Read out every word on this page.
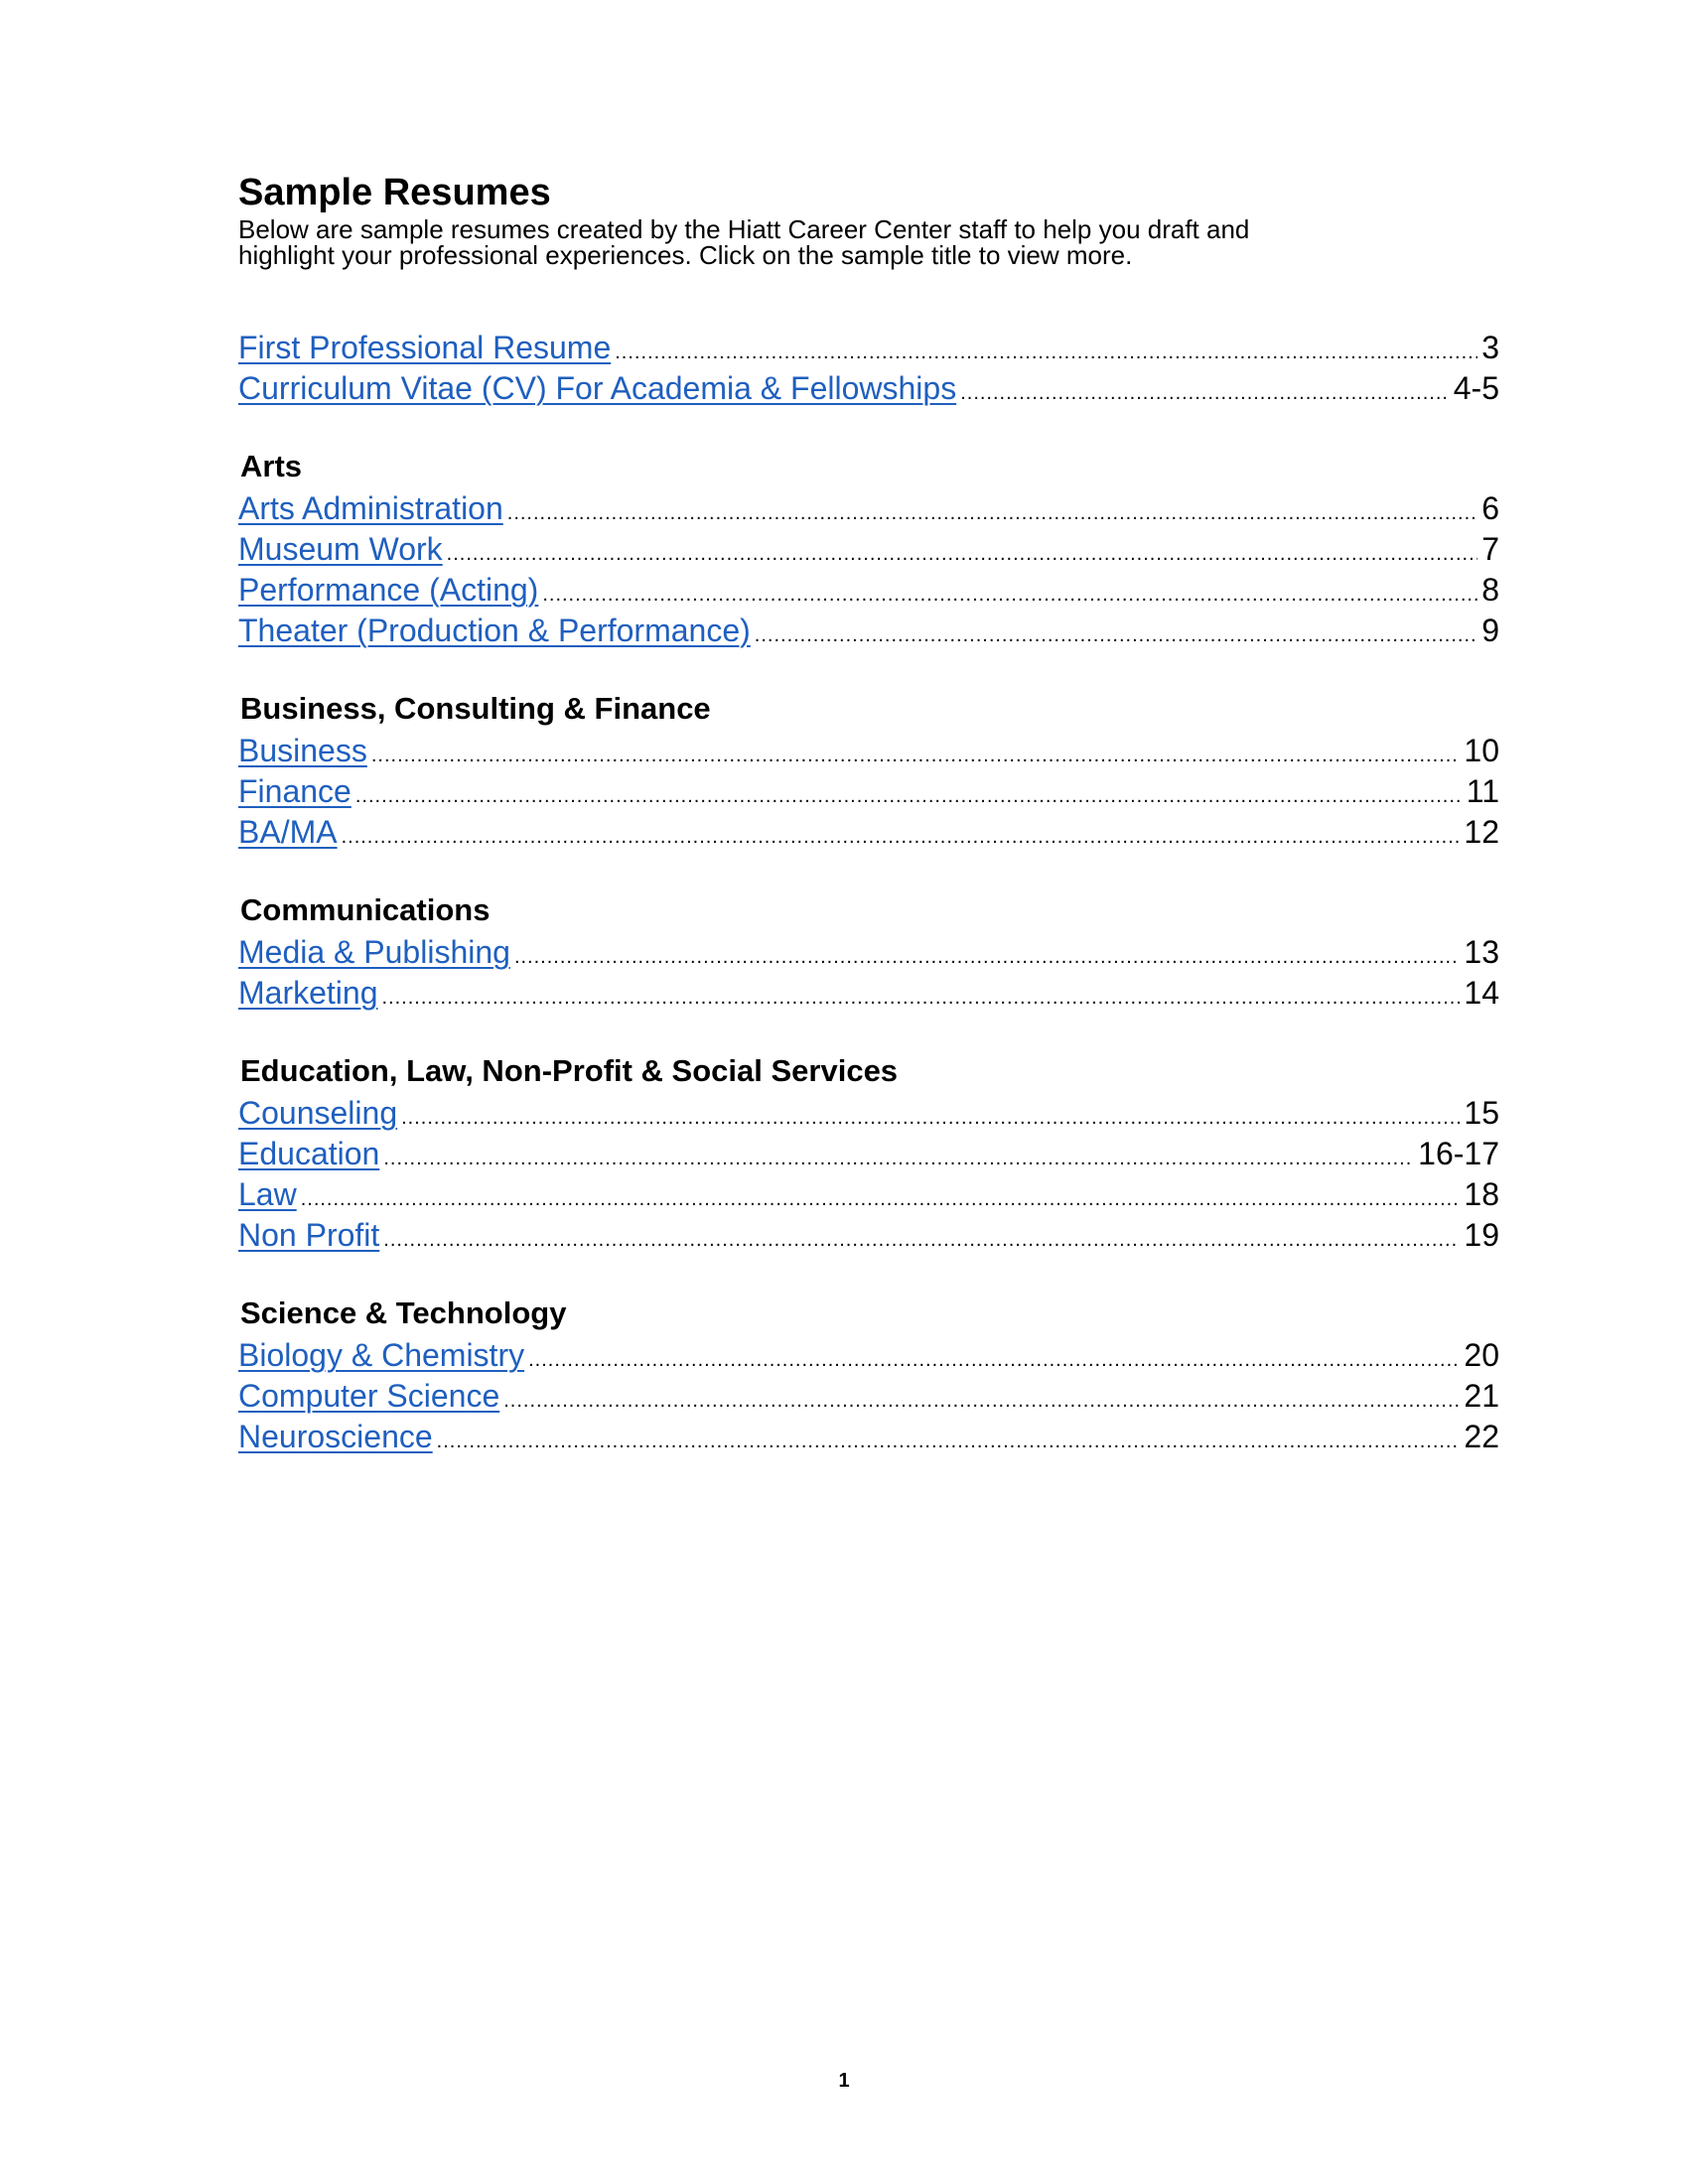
Sample Resumes

Below are sample resumes created by the Hiatt Career Center staff to help you draft and

highlight your professional experiences. Click on the sample title to view more.

First Professional Resume .....	3
Curriculum Vitae (CV) For Academia & Fellowships .....	4-5
Arts
Arts Administration .....	6
Museum Work .....	7
Performance (Acting) .....	8
Theater (Production & Performance) .....	9
Business, Consulting & Finance
Business .....	10
Finance .....	11
BA/MA .....	12
Communications
Media & Publishing .....	13
Marketing .....	14
Education, Law, Non-Profit & Social Services
Counseling .....	15
Education .....	16-17
Law .....	18
Non Profit .....	19
Science & Technology
Biology & Chemistry .....	20
Computer Science .....	21
Neuroscience .....	22
1
